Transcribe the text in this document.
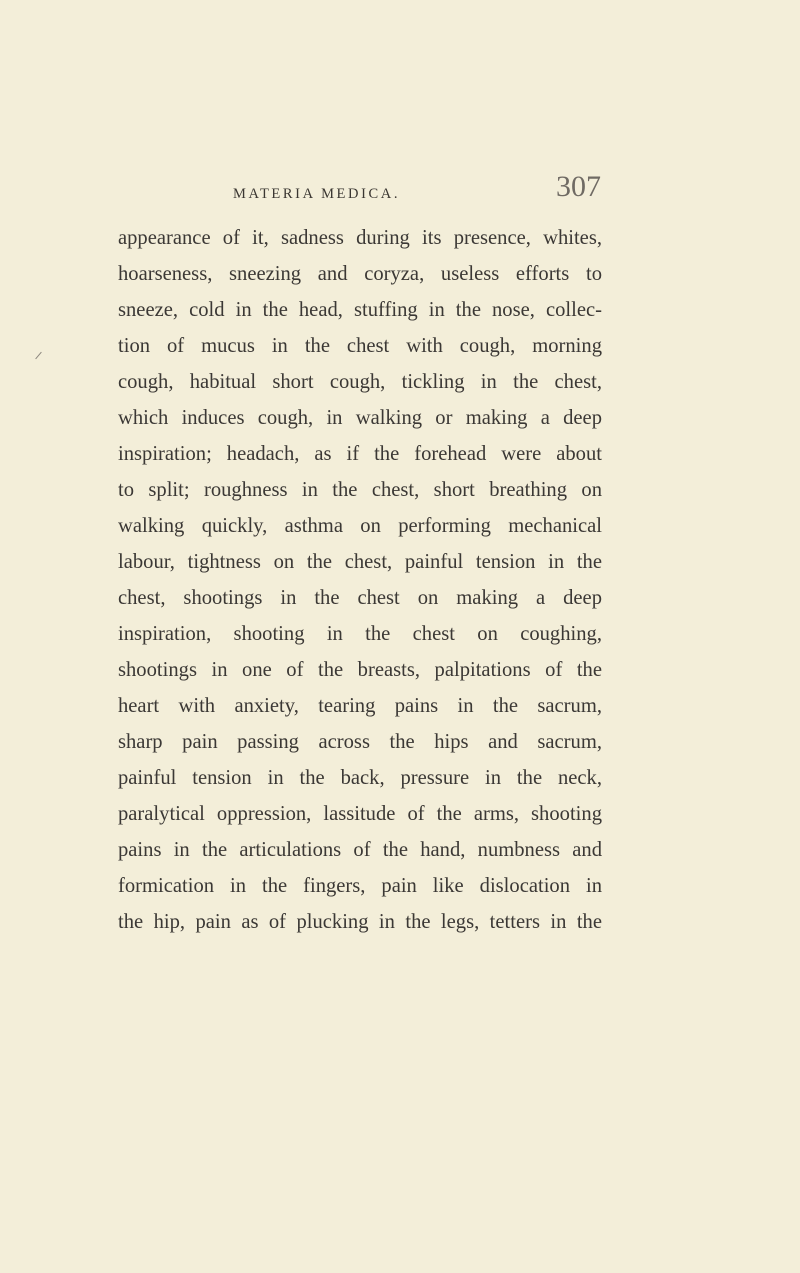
MATERIA MEDICA.	307
appearance of it, sadness during its presence, whites,
hoarseness, sneezing and coryza, useless efforts to
sneeze, cold in the head, stuffing in the nose, collec-
tion of mucus in the chest with cough, morning
cough, habitual short cough, tickling in the chest,
which induces cough, in walking or making a deep
inspiration; headach, as if the forehead were about
to split; roughness in the chest, short breathing on
walking quickly, asthma on performing mechanical
labour, tightness on the chest, painful tension in the
chest, shootings in the chest on making a deep
inspiration, shooting in the chest on coughing,
shootings in one of the breasts, palpitations of the
heart with anxiety, tearing pains in the sacrum,
sharp pain passing across the hips and sacrum,
painful tension in the back, pressure in the neck,
paralytical oppression, lassitude of the arms, shooting
pains in the articulations of the hand, numbness and
formication in the fingers, pain like dislocation in
the hip, pain as of plucking in the legs, tetters in the
